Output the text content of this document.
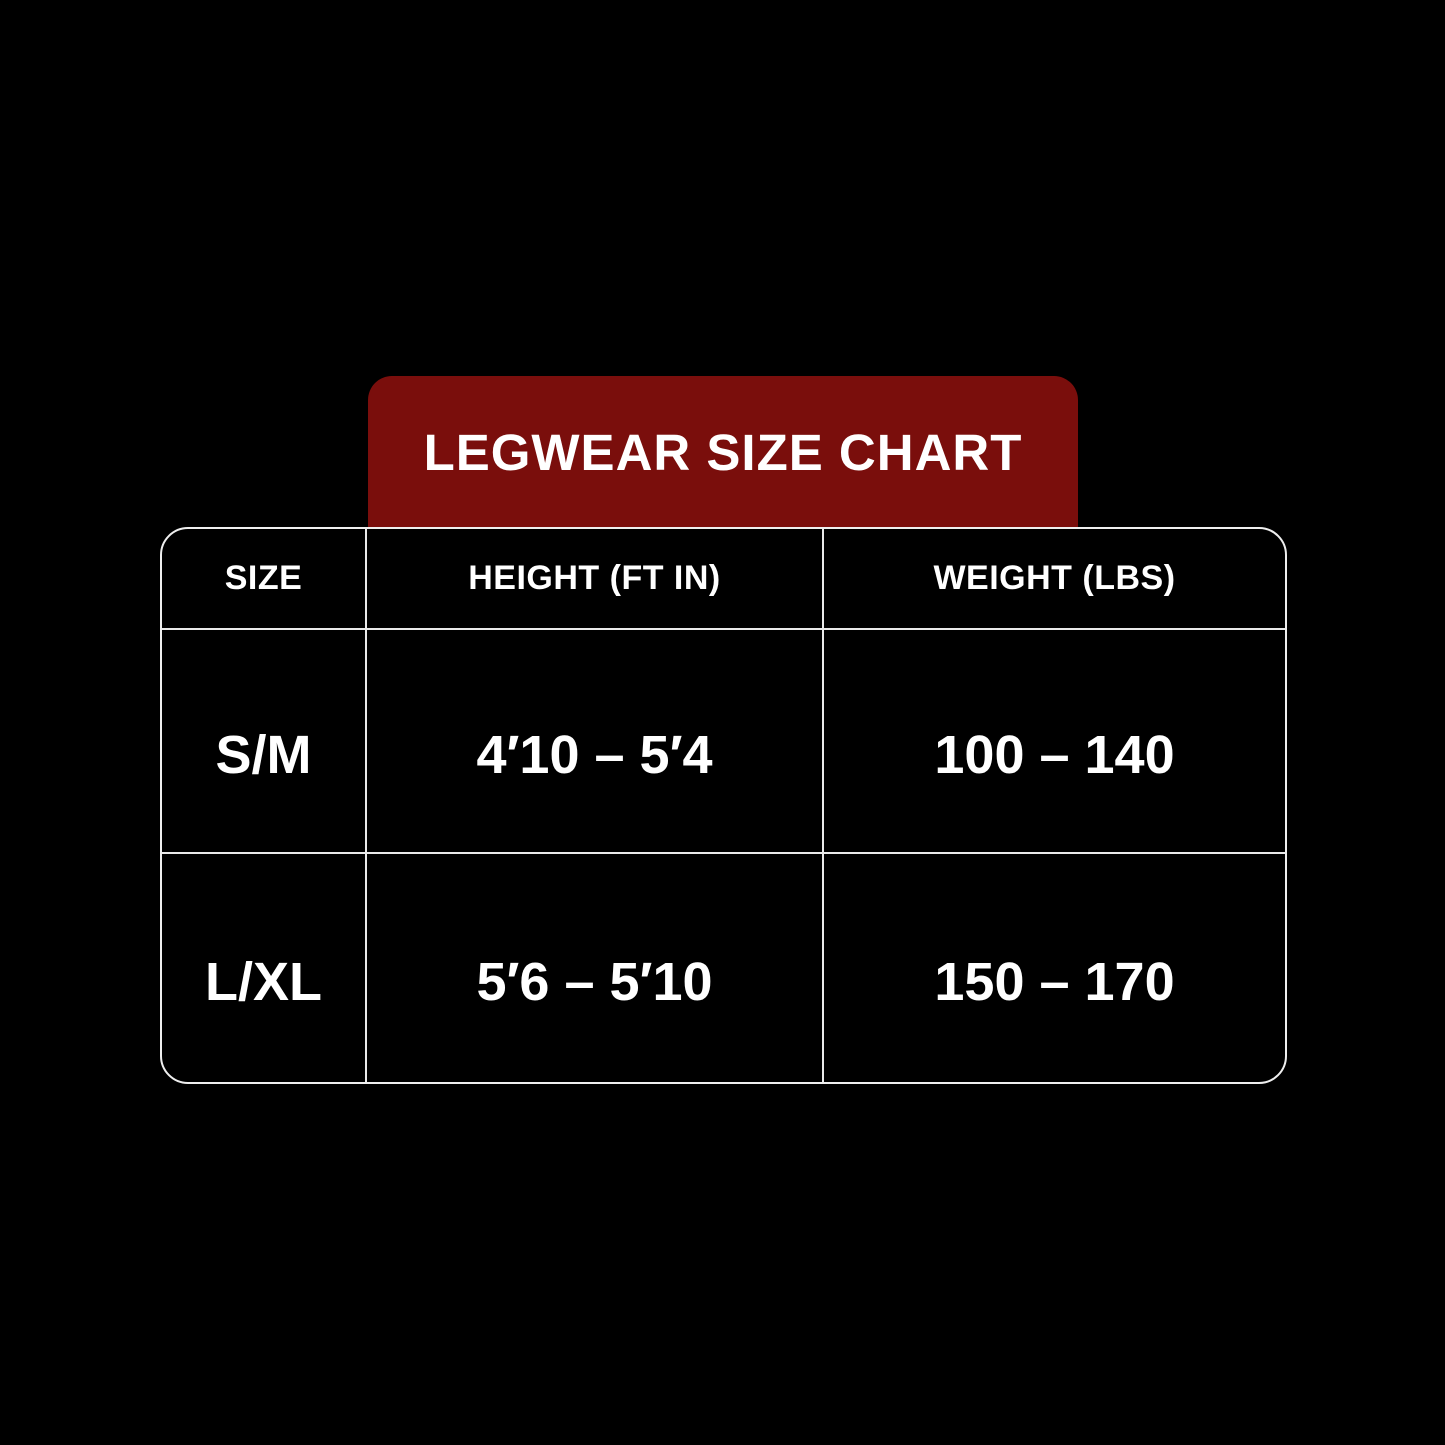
LEGWEAR SIZE CHART
SIZE	HEIGHT (FT IN)	WEIGHT (LBS)
S/M	4′10 – 5′4	100 – 140
L/XL	5′6 – 5′10	150 – 170
